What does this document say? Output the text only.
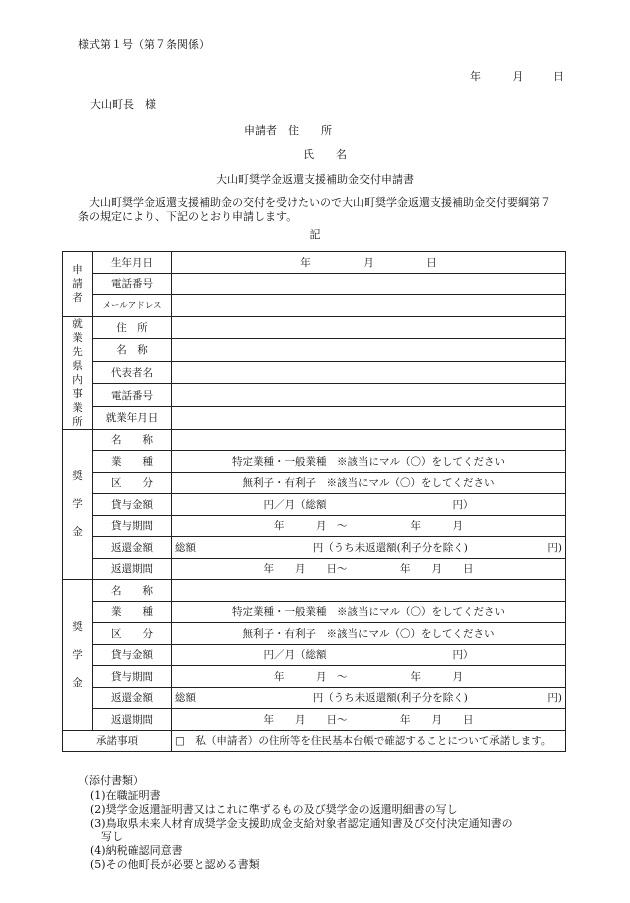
様式第１号（第７条関係）
年	月	日
大山町長　様
申請者　住　　所
氏　　名
大山町奨学金返還支援補助金交付申請書
大山町奨学金返還支援補助金の交付を受けたいので大山町奨学金返還支援補助金交付要綱第７条の規定により、下記のとおり申請します。
記
申請者	生年月日	年　　　　　月　　　　　日
	電話番号	
	メールアドレス	
就業先県内事業所	住　所	
	名　称	
	代表者名	
	電話番号	
	就業年月日	
奨学金	名　　称	
	業　　種	特定業種・一般業種　※該当にマル（〇）をしてください
	区　　分	無利子・有利子　※該当にマル（〇）をしてください
	貸与金額	円／月（総額　　　　　　　　　　　　円）
	貸与期間	年　　　月　～　　　　　　年　　　月
	返還金額	総額 円（うち未返還額(利子分を除く) 円)

	返還期間	年　　月　　日～　　　　　年　　月　　日
奨学金	名　　称	
	業　　種	特定業種・一般業種　※該当にマル（〇）をしてください
	区　　分	無利子・有利子　※該当にマル（〇）をしてください
	貸与金額	円／月（総額　　　　　　　　　　　　円）
	貸与期間	年　　　月　～　　　　　　年　　　月
	返還金額	総額 円（うち未返還額(利子分を除く) 円)

	返還期間	年　　月　　日～　　　　　年　　月　　日
承諾事項		□　私（申請者）の住所等を住民基本台帳で確認することについて承諾します。
（添付書類）
(1)在職証明書
(2)奨学金返還証明書又はこれに準ずるもの及び奨学金の返還明細書の写し
(3)鳥取県未来人材育成奨学金支援助成金支給対象者認定通知書及び交付決定通知書の
　写し
(4)納税確認同意書
(5)その他町長が必要と認める書類
